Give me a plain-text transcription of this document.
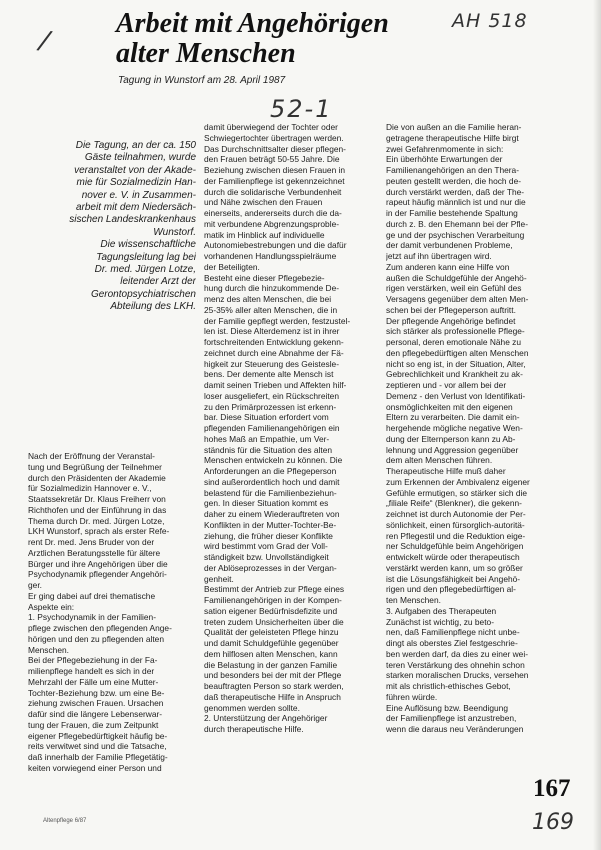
Arbeit mit Angehörigen
alter Menschen
Tagung in Wunstorf am 28. April 1987
/
AH 518
52-1
Die Tagung, an der ca. 150
Gäste teilnahmen, wurde
veranstaltet von der Akade-
mie für Sozialmedizin Han-
nover e. V. in Zusammen-
arbeit mit dem Niedersäch-
sischen Landeskrankenhaus
Wunstorf.
Die wissenschaftliche
Tagungsleitung lag bei
Dr. med. Jürgen Lotze,
leitender Arzt der
Gerontopsychiatrischen
Abteilung des LKH.
Nach der Eröffnung der Veranstal-
tung und Begrüßung der Teilnehmer
durch den Präsidenten der Akademie
für Sozialmedizin Hannover e. V.,
Staatssekretär Dr. Klaus Freiherr von
Richthofen und der Einführung in das
Thema durch Dr. med. Jürgen Lotze,
LKH Wunstorf, sprach als erster Refe-
rent Dr. med. Jens Bruder von der
Arztlichen Beratungsstelle für ältere
Bürger und ihre Angehörigen über die
Psychodynamik pflegender Angehöri-
ger.
Er ging dabei auf drei thematische
Aspekte ein:
1. Psychodynamik in der Familien-
pflege zwischen den pflegenden Ange-
hörigen und den zu pflegenden alten
Menschen.
Bei der Pflegebeziehung in der Fa-
milienpflege handelt es sich in der
Mehrzahl der Fälle um eine Mutter-
Tochter-Beziehung bzw. um eine Be-
ziehung zwischen Frauen. Ursachen
dafür sind die längere Lebenserwar-
tung der Frauen, die zum Zeitpunkt
eigener Pflegebedürftigkeit häufig be-
reits verwitwet sind und die Tatsache,
daß innerhalb der Familie Pflegetätig-
keiten vorwiegend einer Person und
damit überwiegend der Tochter oder
Schwiegertochter übertragen werden.
Das Durchschnittsalter dieser pflegen-
den Frauen beträgt 50-55 Jahre. Die
Beziehung zwischen diesen Frauen in
der Familienpflege ist gekennzeichnet
durch die solidarische Verbundenheit
und Nähe zwischen den Frauen
einerseits, andererseits durch die da-
mit verbundene Abgrenzungsproble-
matik im Hinblick auf individuelle
Autonomiebestrebungen und die dafür
vorhandenen Handlungsspielräume
der Beteiligten.
Besteht eine dieser Pflegebezie-
hung durch die hinzukommende De-
menz des alten Menschen, die bei
25-35% aller alten Menschen, die in
der Familie gepflegt werden, festzustel-
len ist. Diese Alterdemenz ist in ihrer
fortschreitenden Entwicklung gekenn-
zeichnet durch eine Abnahme der Fä-
higkeit zur Steuerung des Geistesle-
bens. Der demente alte Mensch ist
damit seinen Trieben und Affekten hilf-
loser ausgeliefert, ein Rückschreiten
zu den Primärprozessen ist erkenn-
bar. Diese Situation erfordert vom
pflegenden Familienangehörigen ein
hohes Maß an Empathie, um Ver-
ständnis für die Situation des alten
Menschen entwickeln zu können. Die
Anforderungen an die Pflegeperson
sind außerordentlich hoch und damit
belastend für die Familienbeziehun-
gen. In dieser Situation kommt es
daher zu einem Wiederauftreten von
Konflikten in der Mutter-Tochter-Be-
ziehung, die früher dieser Konflikte
wird bestimmt vom Grad der Voll-
ständigkeit bzw. Unvollständigkeit
der Ablöseprozesses in der Vergan-
genheit.
Bestimmt der Antrieb zur Pflege eines
Familienangehörigen in der Kompen-
sation eigener Bedürfnisdefizite und
treten zudem Unsicherheiten über die
Qualität der geleisteten Pflege hinzu
und damit Schuldgefühle gegenüber
dem hilflosen alten Menschen, kann
die Belastung in der ganzen Familie
und besonders bei der mit der Pflege
beauftragten Person so stark werden,
daß therapeutische Hilfe in Anspruch
genommen werden sollte.
2. Unterstützung der Angehöriger
durch therapeutische Hilfe.
Die von außen an die Familie heran-
getragene therapeutische Hilfe birgt
zwei Gefahrenmomente in sich:
Ein überhöhte Erwartungen der
Familienangehörigen an den Thera-
peuten gestellt werden, die hoch de-
durch verstärkt werden, daß der The-
rapeut häufig männlich ist und nur die
in der Familie bestehende Spaltung
durch z. B. den Ehemann bei der Pfle-
ge und der psychischen Verarbeitung
der damit verbundenen Probleme,
jetzt auf ihn übertragen wird.
Zum anderen kann eine Hilfe von
außen die Schuldgefühle der Angehö-
rigen verstärken, weil ein Gefühl des
Versagens gegenüber dem alten Men-
schen bei der Pflegeperson auftritt.
Der pflegende Angehörige befindet
sich stärker als professionelle Pflege-
personal, deren emotionale Nähe zu
den pflegebedürftigen alten Menschen
nicht so eng ist, in der Situation, Alter,
Gebrechlichkeit und Krankheit zu ak-
zeptieren und - vor allem bei der
Demenz - den Verlust von Identifikati-
onsmöglichkeiten mit den eigenen
Eltern zu verarbeiten. Die damit ein-
hergehende mögliche negative Wen-
dung der Elternperson kann zu Ab-
lehnung und Aggression gegenüber
dem alten Menschen führen.
Therapeutische Hilfe muß daher
zum Erkennen der Ambivalenz eigener
Gefühle ermutigen, so stärker sich die
„filiale Reife“ (Blenkner), die gekenn-
zeichnet ist durch Autonomie der Per-
sönlichkeit, einen fürsorglich-autoritä-
ren Pflegestil und die Reduktion eige-
ner Schuldgefühle beim Angehörigen
entwickelt würde oder therapeutisch
verstärkt werden kann, um so größer
ist die Lösungsfähigkeit bei Angehö-
rigen und den pflegebedürftigen al-
ten Menschen.
3. Aufgaben des Therapeuten
Zunächst ist wichtig, zu beto-
nen, daß Familienpflege nicht unbe-
dingt als oberstes Ziel festgeschrie-
ben werden darf, da dies zu einer wei-
teren Verstärkung des ohnehin schon
starken moralischen Drucks, versehen
mit als christlich-ethisches Gebot,
führen würde.
Eine Auflösung bzw. Beendigung
der Familienpflege ist anzustreben,
wenn die daraus neu Veränderungen
167
169
Altenpflege 6/87
